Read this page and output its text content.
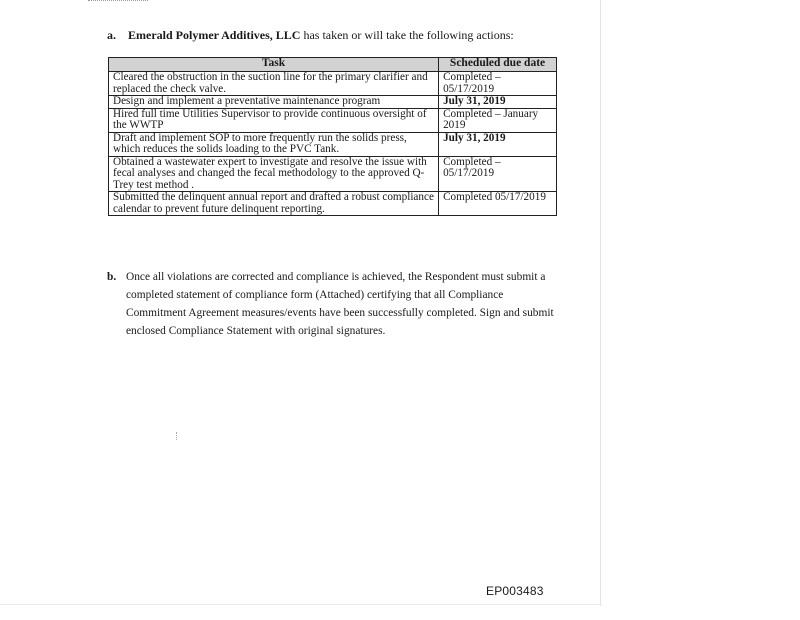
a. Emerald Polymer Additives, LLC has taken or will take the following actions:
Task	Scheduled due date

Cleared the obstruction in the suction line for the primary clarifier and replaced the check valve.	Completed – 05/17/2019

Design and implement a preventative maintenance program	July 31, 2019

Hired full time Utilities Supervisor to provide continuous oversight of the WWTP	Completed – January 2019

Draft and implement SOP to more frequently run the solids press, which reduces the solids loading to the PVC Tank.	July 31, 2019

Obtained a wastewater expert to investigate and resolve the issue with fecal analyses and changed the fecal methodology to the approved Q-Trey test method .	Completed – 05/17/2019

Submitted the delinquent annual report and drafted a robust compliance calendar to prevent future delinquent reporting.	Completed 05/17/2019
b. Once all violations are corrected and compliance is achieved, the Respondent must submit a completed statement of compliance form (Attached) certifying that all Compliance Commitment Agreement measures/events have been successfully completed. Sign and submit enclosed Compliance Statement with original signatures.
EP003483
